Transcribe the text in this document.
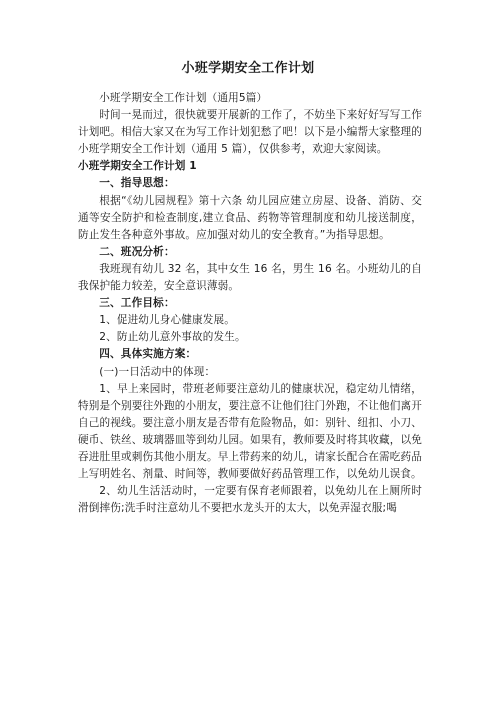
小班学期安全工作计划

小班学期安全工作计划（通用5篇）

时间一晃而过，很快就要开展新的工作了，不妨坐下来好好写写工作计划吧。相信大家又在为写工作计划犯愁了吧！以下是小编帮大家整理的小班学期安全工作计划（通用 5 篇），仅供参考，欢迎大家阅读。

小班学期安全工作计划 1

一、指导思想：

根据“《幼儿园规程》第十六条 幼儿园应建立房屋、设备、消防、交通等安全防护和检查制度,建立食品、药物等管理制度和幼儿接送制度，防止发生各种意外事故。应加强对幼儿的安全教育。”为指导思想。

二、班况分析：

我班现有幼儿 32 名，其中女生 16 名，男生 16 名。小班幼儿的自我保护能力较差，安全意识薄弱。

三、工作目标：

1、促进幼儿身心健康发展。

2、防止幼儿意外事故的发生。

四、具体实施方案：

(一)一日活动中的体现：

1、早上来园时，带班老师要注意幼儿的健康状况，稳定幼儿情绪，特别是个别要往外跑的小朋友，要注意不让他们往门外跑，不让他们离开自己的视线。要注意小朋友是否带有危险物品，如：别针、纽扣、小刀、硬币、铁丝、玻璃器皿等到幼儿园。如果有，教师要及时将其收藏，以免吞进肚里或刺伤其他小朋友。早上带药来的幼儿，请家长配合在需吃药品上写明姓名、剂量、时间等，教师要做好药品管理工作，以免幼儿误食。

2、幼儿生活活动时，一定要有保育老师跟着，以免幼儿在上厕所时滑倒摔伤;洗手时注意幼儿不要把水龙头开的太大，以免弄湿衣服;喝
